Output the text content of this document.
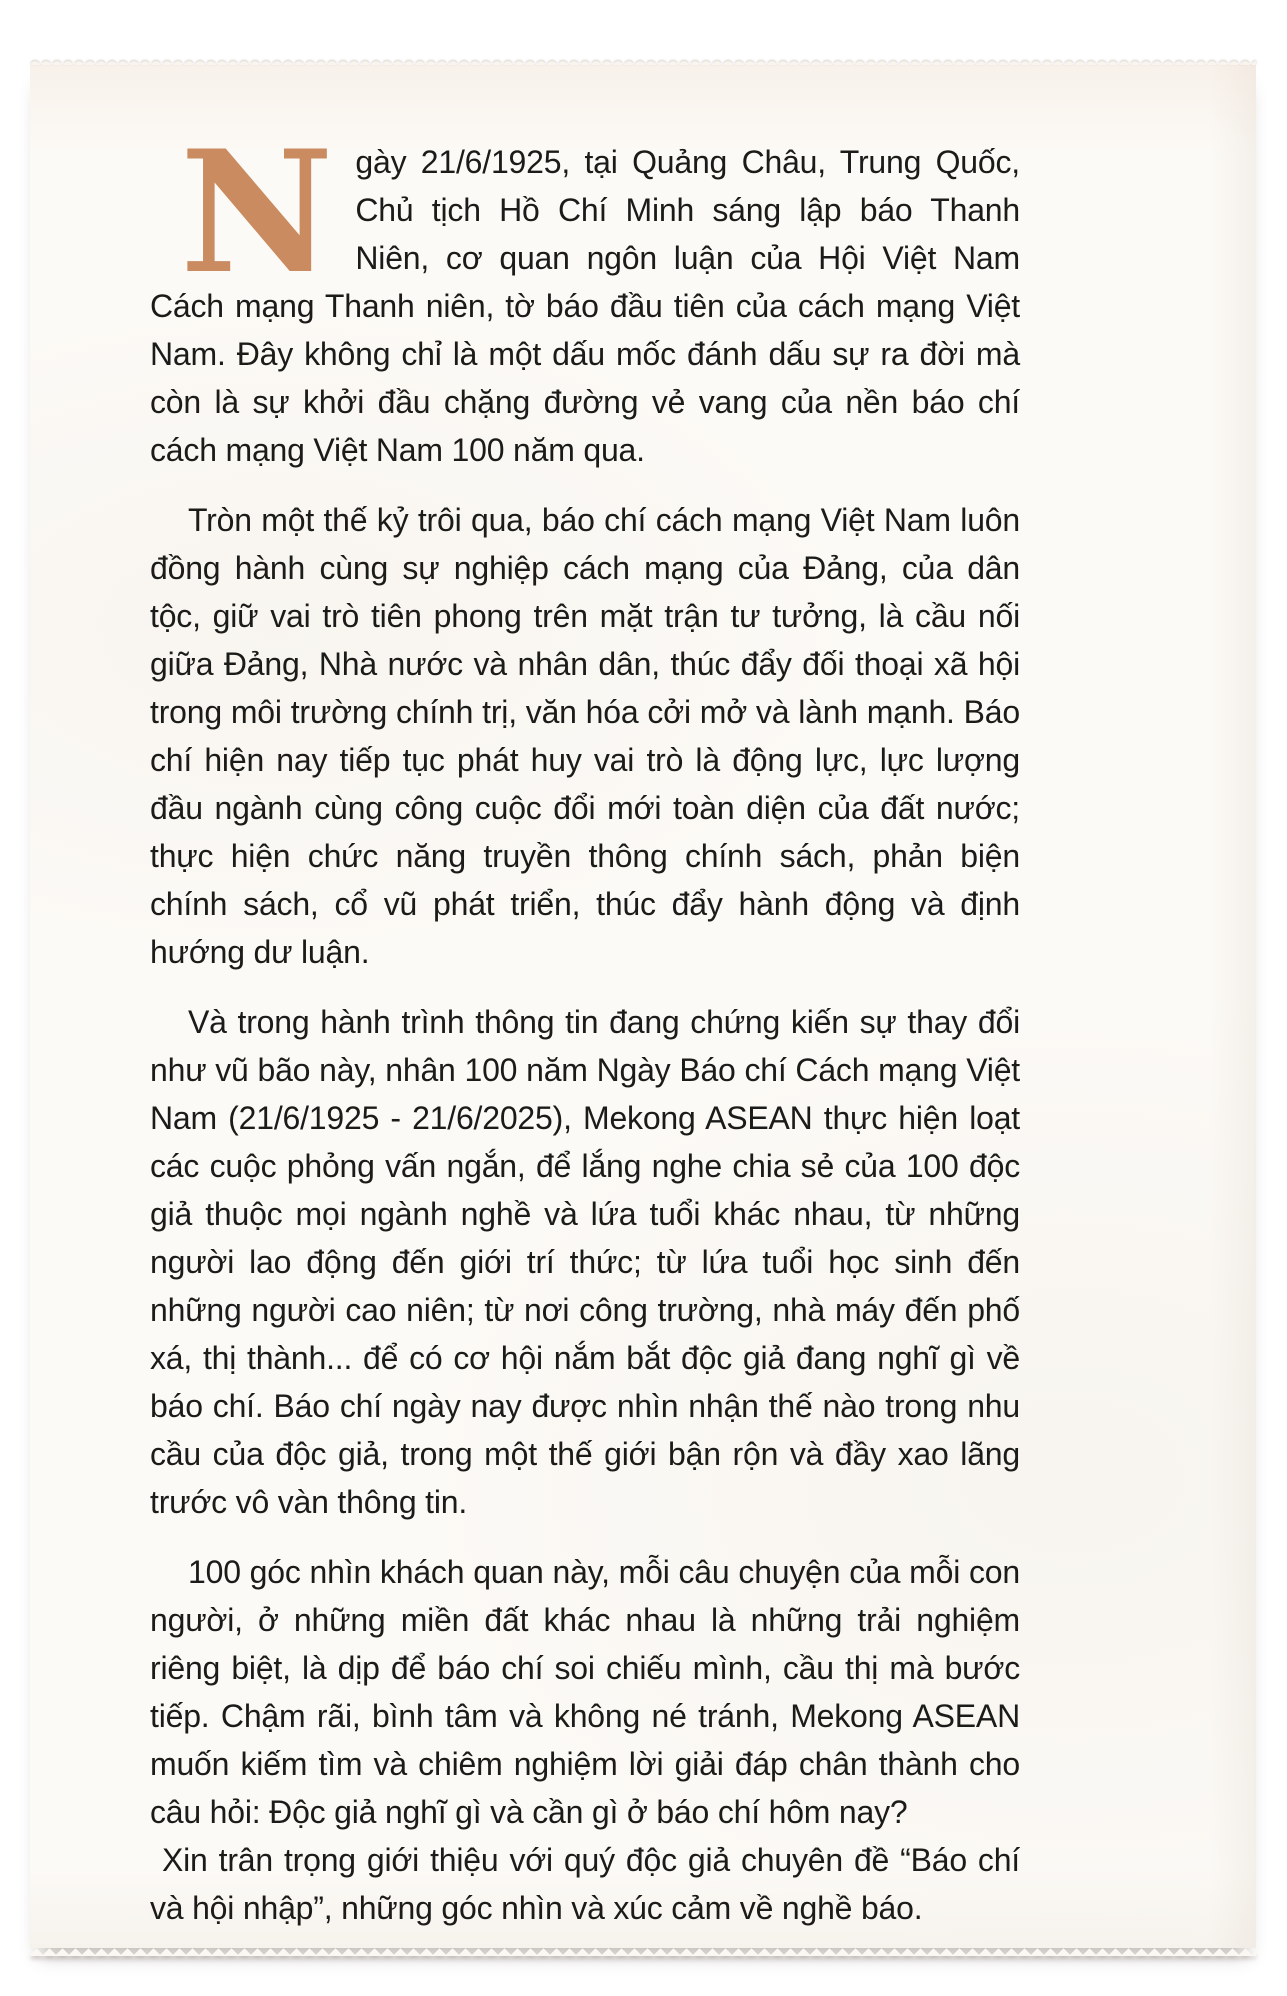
Ngày 21/6/1925, tại Quảng Châu, Trung Quốc, Chủ tịch Hồ Chí Minh sáng lập báo Thanh Niên, cơ quan ngôn luận của Hội Việt Nam Cách mạng Thanh niên, tờ báo đầu tiên của cách mạng Việt Nam. Đây không chỉ là một dấu mốc đánh dấu sự ra đời mà còn là sự khởi đầu chặng đường vẻ vang của nền báo chí cách mạng Việt Nam 100 năm qua.

Tròn một thế kỷ trôi qua, báo chí cách mạng Việt Nam luôn đồng hành cùng sự nghiệp cách mạng của Đảng, của dân tộc, giữ vai trò tiên phong trên mặt trận tư tưởng, là cầu nối giữa Đảng, Nhà nước và nhân dân, thúc đẩy đối thoại xã hội trong môi trường chính trị, văn hóa cởi mở và lành mạnh. Báo chí hiện nay tiếp tục phát huy vai trò là động lực, lực lượng đầu ngành cùng công cuộc đổi mới toàn diện của đất nước; thực hiện chức năng truyền thông chính sách, phản biện chính sách, cổ vũ phát triển, thúc đẩy hành động và định hướng dư luận.

Và trong hành trình thông tin đang chứng kiến sự thay đổi như vũ bão này, nhân 100 năm Ngày Báo chí Cách mạng Việt Nam (21/6/1925 - 21/6/2025), Mekong ASEAN thực hiện loạt các cuộc phỏng vấn ngắn, để lắng nghe chia sẻ của 100 độc giả thuộc mọi ngành nghề và lứa tuổi khác nhau, từ những người lao động đến giới trí thức; từ lứa tuổi học sinh đến những người cao niên; từ nơi công trường, nhà máy đến phố xá, thị thành... để có cơ hội nắm bắt độc giả đang nghĩ gì về báo chí. Báo chí ngày nay được nhìn nhận thế nào trong nhu cầu của độc giả, trong một thế giới bận rộn và đầy xao lãng trước vô vàn thông tin.

100 góc nhìn khách quan này, mỗi câu chuyện của mỗi con người, ở những miền đất khác nhau là những trải nghiệm riêng biệt, là dịp để báo chí soi chiếu mình, cầu thị mà bước tiếp. Chậm rãi, bình tâm và không né tránh, Mekong ASEAN muốn kiếm tìm và chiêm nghiệm lời giải đáp chân thành cho câu hỏi: Độc giả nghĩ gì và cần gì ở báo chí hôm nay?

Xin trân trọng giới thiệu với quý độc giả chuyên đề “Báo chí và hội nhập”, những góc nhìn và xúc cảm về nghề báo.
